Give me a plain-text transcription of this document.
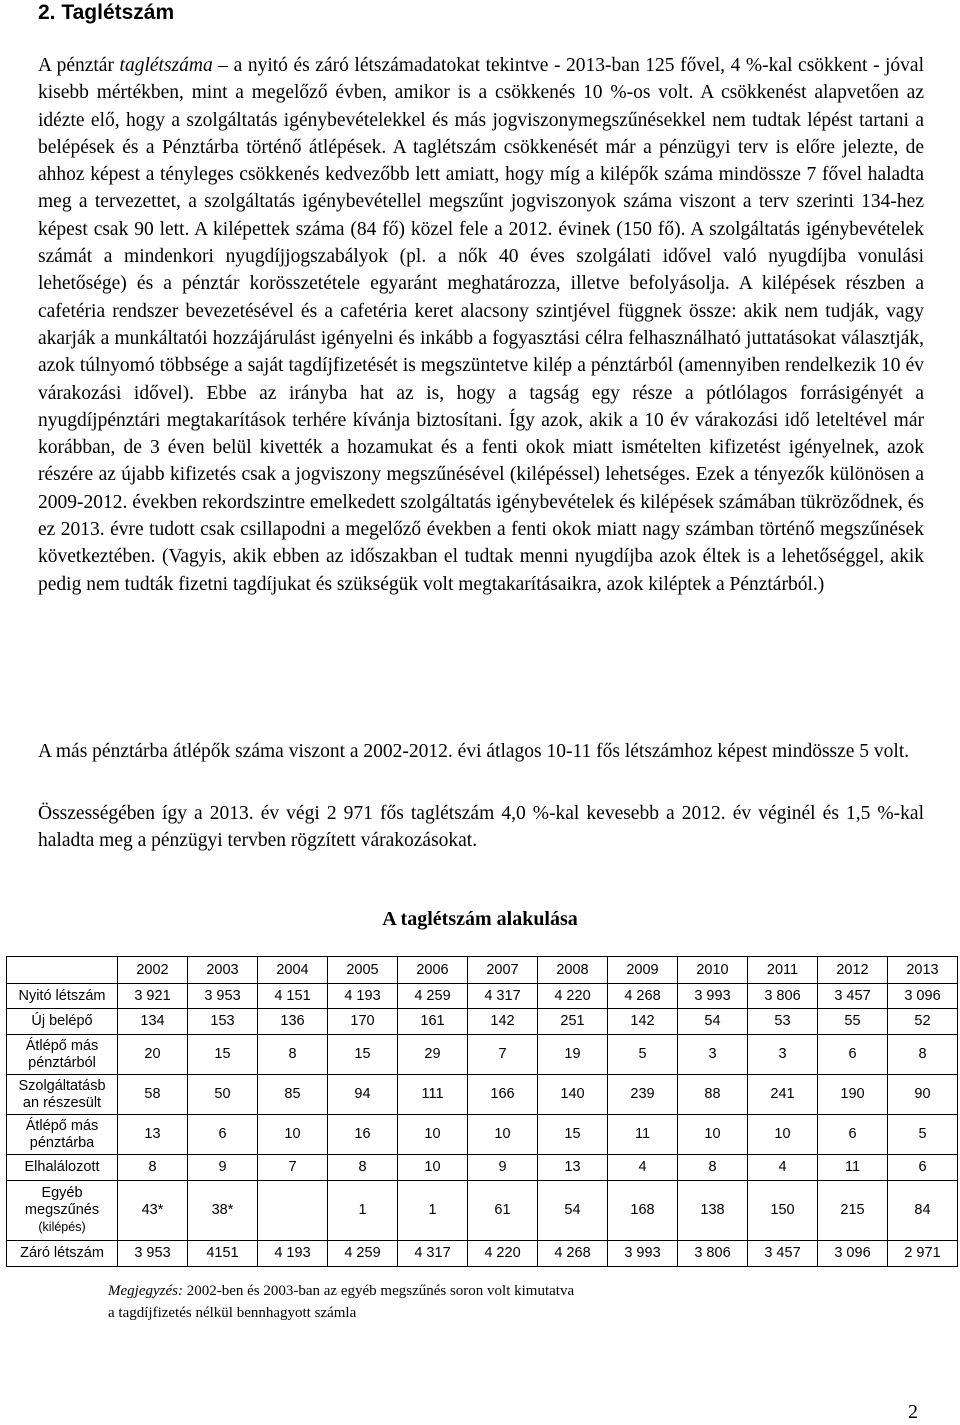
2. Taglétszám

A pénztár taglétszáma – a nyitó és záró létszámadatokat tekintve - 2013-ban 125 fővel, 4 %-kal csökkent - jóval kisebb mértékben, mint a megelőző évben, amikor is a csökkenés 10 %-os volt. A csökkenést alapvetően az idézte elő, hogy a szolgáltatás igénybevételekkel és más jogviszonymegszűnésekkel nem tudtak lépést tartani a belépések és a Pénztárba történő átlépések. A taglétszám csökkenését már a pénzügyi terv is előre jelezte, de ahhoz képest a tényleges csökkenés kedvezőbb lett amiatt, hogy míg a kilépők száma mindössze 7 fővel haladta meg a tervezettet, a szolgáltatás igénybevétellel megszűnt jogviszonyok száma viszont a terv szerinti 134-hez képest csak 90 lett. A kilépettek száma (84 fő) közel fele a 2012. évinek (150 fő). A szolgáltatás igénybevételek számát a mindenkori nyugdíjjogszabályok (pl. a nők 40 éves szolgálati idővel való nyugdíjba vonulási lehetősége) és a pénztár korösszetétele egyaránt meghatározza, illetve befolyásolja. A kilépések részben a cafetéria rendszer bevezetésével és a cafetéria keret alacsony szintjével függnek össze: akik nem tudják, vagy akarják a munkáltatói hozzájárulást igényelni és inkább a fogyasztási célra felhasználható juttatásokat választják, azok túlnyomó többsége a saját tagdíjfizetését is megszüntetve kilép a pénztárból (amennyiben rendelkezik 10 év várakozási idővel). Ebbe az irányba hat az is, hogy a tagság egy része a pótlólagos forrásigényét a nyugdíjpénztári megtakarítások terhére kívánja biztosítani. Így azok, akik a 10 év várakozási idő leteltével már korábban, de 3 éven belül kivették a hozamukat és a fenti okok miatt ismételten kifizetést igényelnek, azok részére az újabb kifizetés csak a jogviszony megszűnésével (kilépéssel) lehetséges. Ezek a tényezők különösen a 2009-2012. években rekordszintre emelkedett szolgáltatás igénybevételek és kilépések számában tükröződnek, és ez 2013. évre tudott csak csillapodni a megelőző években a fenti okok miatt nagy számban történő megszűnések következtében. (Vagyis, akik ebben az időszakban el tudtak menni nyugdíjba azok éltek is a lehetőséggel, akik pedig nem tudták fizetni tagdíjukat és szükségük volt megtakarításaikra, azok kiléptek a Pénztárból.)

A más pénztárba átlépők száma viszont a 2002-2012. évi átlagos 10-11 fős létszámhoz képest mindössze 5 volt.

Összességében így a 2013. év végi 2 971 fős taglétszám 4,0 %-kal kevesebb a 2012. év véginél és 1,5 %-kal haladta meg a pénzügyi tervben rögzített várakozásokat.

A taglétszám alakulása
	2002	2003	2004	2005	2006	2007	2008	2009	2010	2011	2012	2013

Nyitó létszám	3 921	3 953	4 151	4 193	4 259	4 317	4 220	4 268	3 993	3 806	3 457	3 096

Új belépő	134	153	136	170	161	142	251	142	54	53	55	52

Átlépő más
pénztárból	20	15	8	15	29	7	19	5	3	3	6	8

Szolgáltatásb
an részesült	58	50	85	94	111	166	140	239	88	241	190	90

Átlépő más
pénztárba	13	6	10	16	10	10	15	11	10	10	6	5

Elhalálozott	8	9	7	8	10	9	13	4	8	4	11	6

Egyéb
megszűnés
(kilépés)	43*	38*		1	1	61	54	168	138	150	215	84

Záró létszám	3 953	4151	4 193	4 259	4 317	4 220	4 268	3 993	3 806	3 457	3 096	2 971
Megjegyzés: 2002-ben és 2003-ban az egyéb megszűnés soron volt kimutatva
a tagdíjfizetés nélkül bennhagyott számla
2
